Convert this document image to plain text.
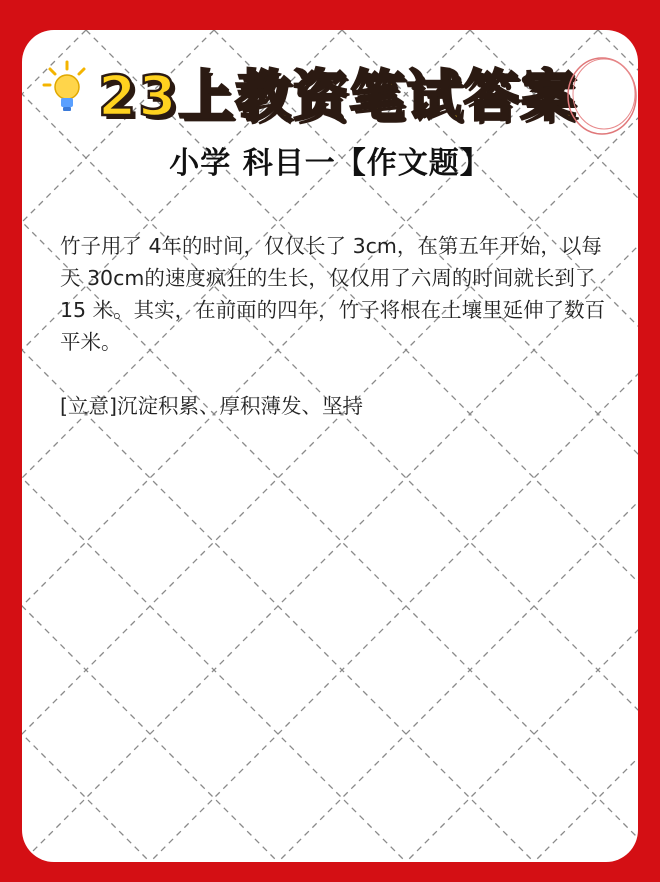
23上教资笔试答案
小学 科目一【作文题】

竹子用了 4年的时间，仅仅长了 3cm，在第五年开始，以每天 30cm的速度疯狂的生长，仅仅用了六周的时间就长到了 15 米。其实，在前面的四年，竹子将根在土壤里延伸了数百平米。

[立意]沉淀积累、厚积薄发、坚持
